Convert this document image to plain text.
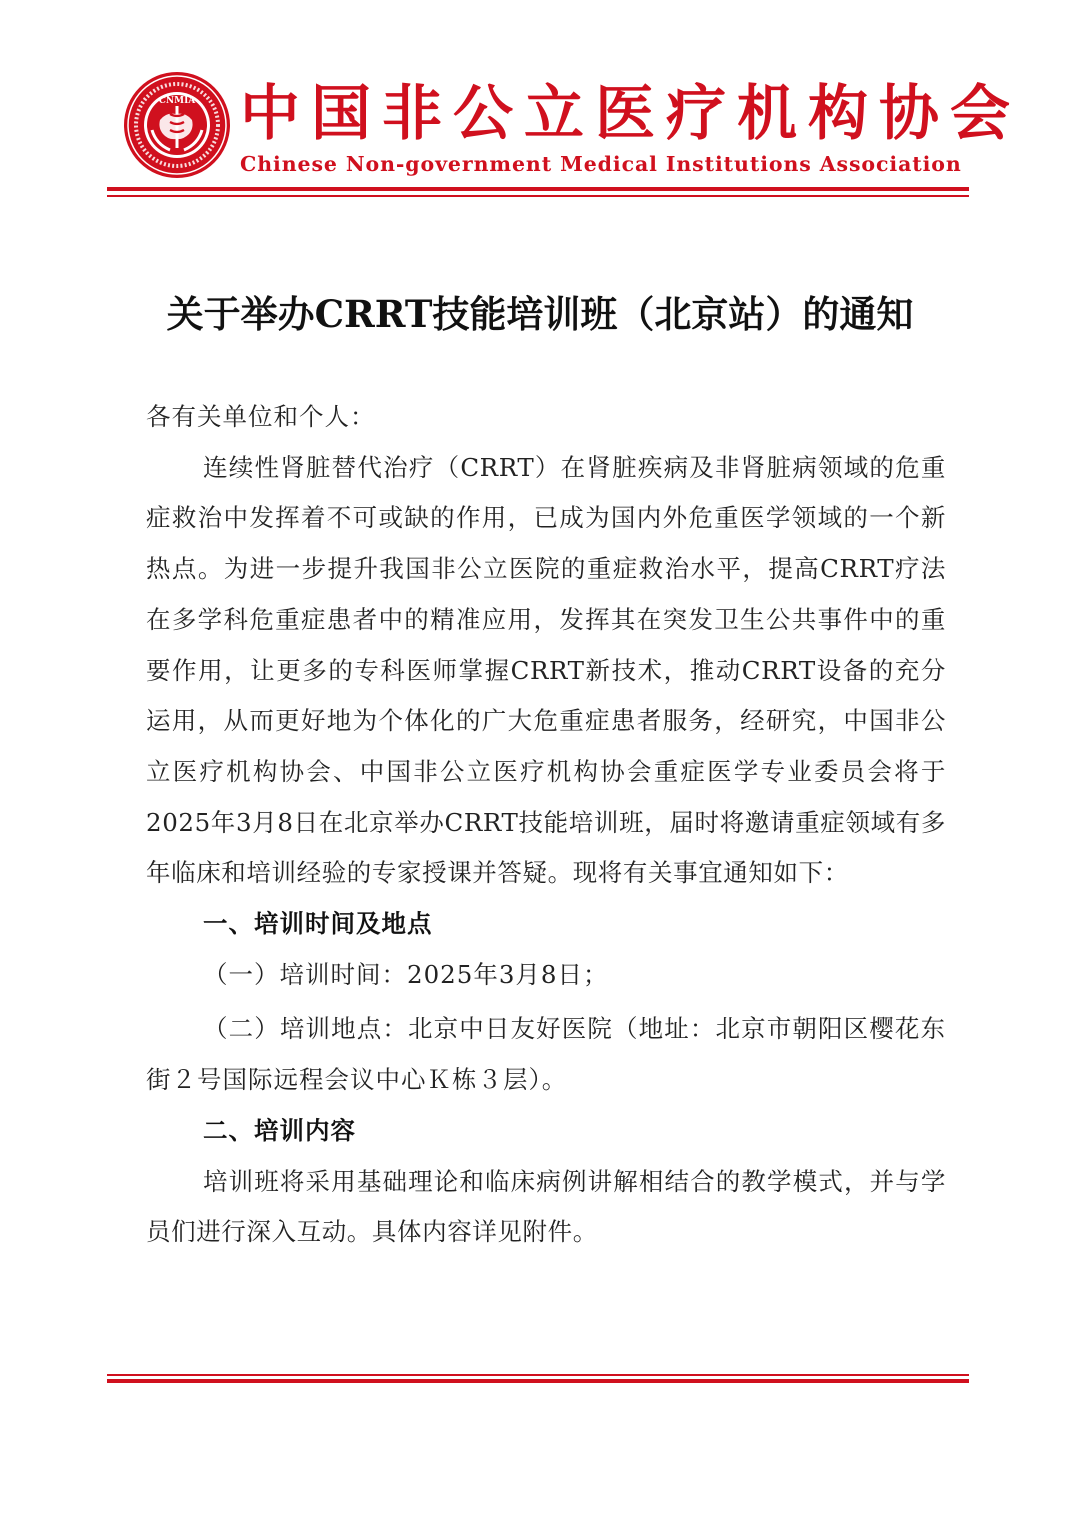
CNMIA 中国非公立医疗机构协会
Chinese Non-government Medical Institutions Association
关于举办CRRT技能培训班（北京站）的通知

各有关单位和个人：

连续性肾脏替代治疗（CRRT）在肾脏疾病及非肾脏病领域的危重症救治中发挥着不可或缺的作用，已成为国内外危重医学领域的一个新热点。为进一步提升我国非公立医院的重症救治水平，提高CRRT疗法在多学科危重症患者中的精准应用，发挥其在突发卫生公共事件中的重要作用，让更多的专科医师掌握CRRT新技术，推动CRRT设备的充分运用，从而更好地为个体化的广大危重症患者服务，经研究，中国非公立医疗机构协会、中国非公立医疗机构协会重症医学专业委员会将于2025年3月8日在北京举办CRRT技能培训班，届时将邀请重症领域有多年临床和培训经验的专家授课并答疑。现将有关事宜通知如下：

一、培训时间及地点

（一）培训时间：2025年3月8日；

（二）培训地点：北京中日友好医院（地址：北京市朝阳区樱花东街２号国际远程会议中心Ｋ栋３层）。

二、培训内容

培训班将采用基础理论和临床病例讲解相结合的教学模式，并与学员们进行深入互动。具体内容详见附件。
